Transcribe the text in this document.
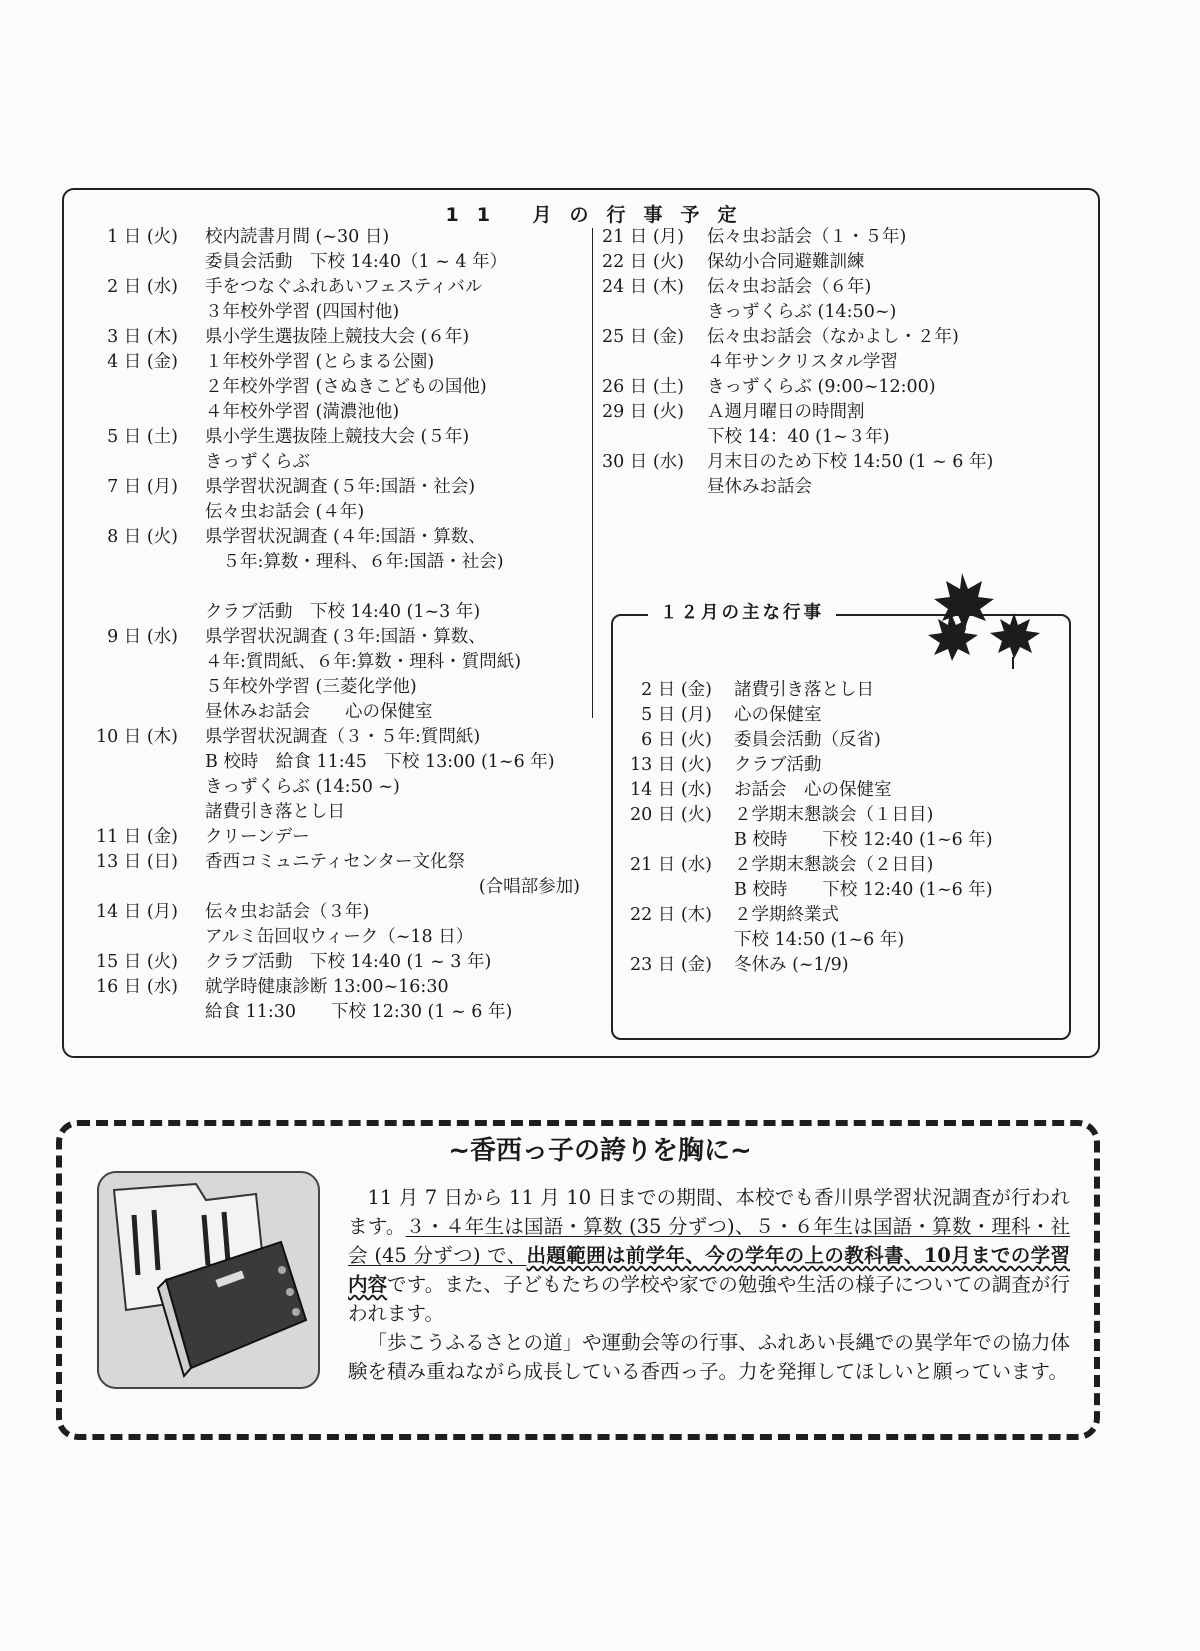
11 月の行事予定
1 日 (火)	校内読書月間 (~30 日)
委員会活動　下校 14:40（1 ~ 4 年）
2 日 (水)	手をつなぐふれあいフェスティバル
３年校外学習 (四国村他)
3 日 (木)	県小学生選抜陸上競技大会 (６年)
4 日 (金)	１年校外学習 (とらまる公園)
２年校外学習 (さぬきこどもの国他)
４年校外学習 (満濃池他)
5 日 (土)	県小学生選抜陸上競技大会 (５年)
きっずくらぶ
7 日 (月)	県学習状況調査 (５年:国語・社会)
伝々虫お話会 (４年)
8 日 (火)	県学習状況調査 (４年:国語・算数、
　５年:算数・理科、６年:国語・社会)
クラブ活動　下校 14:40 (1~3 年)
9 日 (水)	県学習状況調査 (３年:国語・算数、
４年:質問紙、６年:算数・理科・質問紙)
５年校外学習 (三菱化学他)
昼休みお話会　　心の保健室
10 日 (木)	県学習状況調査（３・５年:質問紙)
B 校時　給食 11:45　下校 13:00 (1~6 年)
きっずくらぶ (14:50 ~)
諸費引き落とし日
11 日 (金)	クリーンデー
13 日 (日)	香西コミュニティセンター文化祭
(合唱部参加)
14 日 (月)	伝々虫お話会（３年)
アルミ缶回収ウィーク（~18 日）
15 日 (火)	クラブ活動　下校 14:40 (1 ~ 3 年)
16 日 (水)	就学時健康診断 13:00~16:30
給食 11:30　　下校 12:30 (1 ~ 6 年)
21 日 (月)	伝々虫お話会（１・５年)
22 日 (火)	保幼小合同避難訓練
24 日 (木)	伝々虫お話会（６年)
きっずくらぶ (14:50~)
25 日 (金)	伝々虫お話会（なかよし・２年)
４年サンクリスタル学習
26 日 (土)	きっずくらぶ (9:00~12:00)
29 日 (火)	Ａ週月曜日の時間割
下校 14：40 (1~３年)
30 日 (水)	月末日のため下校 14:50 (1 ~ 6 年)
昼休みお話会
１２月の主な行事
2 日 (金)	諸費引き落とし日
5 日 (月)	心の保健室
6 日 (火)	委員会活動（反省)
13 日 (火)	クラブ活動
14 日 (水)	お話会　心の保健室
20 日 (火)	２学期末懇談会（１日目)
B 校時　　下校 12:40 (1~6 年)
21 日 (水)	２学期末懇談会（２日目)
B 校時　　下校 12:40 (1~6 年)
22 日 (木)	２学期終業式
下校 14:50 (1~6 年)
23 日 (金)	冬休み (~1/9)
~香西っ子の誇りを胸に~

11 月 7 日から 11 月 10 日までの期間、本校でも香川県学習状況調査が行われます。３・４年生は国語・算数 (35 分ずつ)、５・６年生は国語・算数・理科・社会 (45 分ずつ) で、出題範囲は前学年、今の学年の上の教科書、10月までの学習内容です。また、子どもたちの学校や家での勉強や生活の様子についての調査が行われます。

「歩こうふるさとの道」や運動会等の行事、ふれあい長縄での異学年での協力体験を積み重ねながら成長している香西っ子。力を発揮してほしいと願っています。
